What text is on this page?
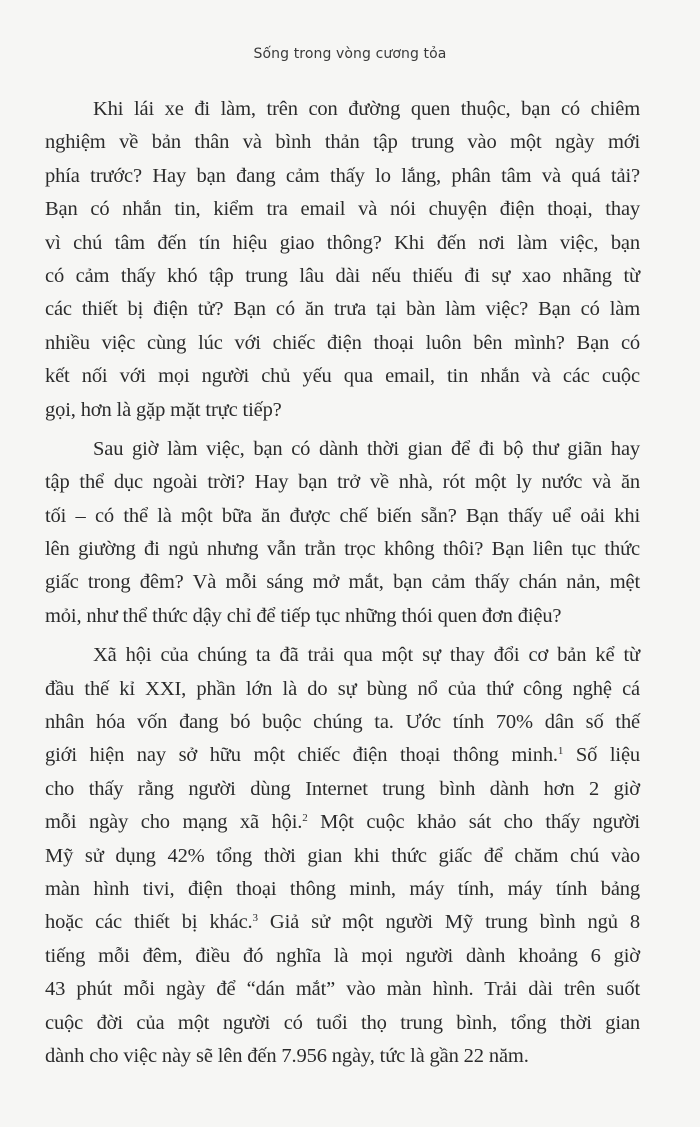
Sống trong vòng cương tỏa
Khi lái xe đi làm, trên con đường quen thuộc, bạn có chiêm
nghiệm về bản thân và bình thản tập trung vào một ngày mới
phía trước? Hay bạn đang cảm thấy lo lắng, phân tâm và quá tải?
Bạn có nhắn tin, kiểm tra email và nói chuyện điện thoại, thay
vì chú tâm đến tín hiệu giao thông? Khi đến nơi làm việc, bạn
có cảm thấy khó tập trung lâu dài nếu thiếu đi sự xao nhãng từ
các thiết bị điện tử? Bạn có ăn trưa tại bàn làm việc? Bạn có làm
nhiều việc cùng lúc với chiếc điện thoại luôn bên mình? Bạn có
kết nối với mọi người chủ yếu qua email, tin nhắn và các cuộc
gọi, hơn là gặp mặt trực tiếp?
Sau giờ làm việc, bạn có dành thời gian để đi bộ thư giãn hay
tập thể dục ngoài trời? Hay bạn trở về nhà, rót một ly nước và ăn
tối – có thể là một bữa ăn được chế biến sẵn? Bạn thấy uể oải khi
lên giường đi ngủ nhưng vẫn trằn trọc không thôi? Bạn liên tục thức
giấc trong đêm? Và mỗi sáng mở mắt, bạn cảm thấy chán nản, mệt
mỏi, như thể thức dậy chỉ để tiếp tục những thói quen đơn điệu?
Xã hội của chúng ta đã trải qua một sự thay đổi cơ bản kể từ
đầu thế kỉ XXI, phần lớn là do sự bùng nổ của thứ công nghệ cá
nhân hóa vốn đang bó buộc chúng ta. Ước tính 70% dân số thế
giới hiện nay sở hữu một chiếc điện thoại thông minh.$^1$ Số liệu
cho thấy rằng người dùng Internet trung bình dành hơn 2 giờ
mỗi ngày cho mạng xã hội.$^2$ Một cuộc khảo sát cho thấy người
Mỹ sử dụng 42% tổng thời gian khi thức giấc để chăm chú vào
màn hình tivi, điện thoại thông minh, máy tính, máy tính bảng
hoặc các thiết bị khác.$^3$ Giả sử một người Mỹ trung bình ngủ 8
tiếng mỗi đêm, điều đó nghĩa là mọi người dành khoảng 6 giờ
43 phút mỗi ngày để “dán mắt” vào màn hình. Trải dài trên suốt
cuộc đời của một người có tuổi thọ trung bình, tổng thời gian
dành cho việc này sẽ lên đến 7.956 ngày, tức là gần 22 năm.
